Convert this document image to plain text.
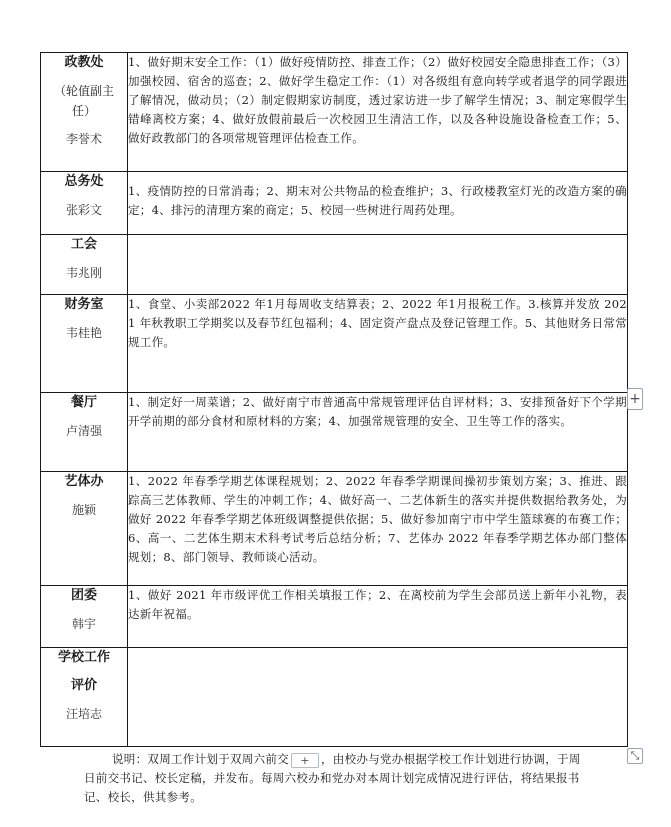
政教处
（轮值副主任）
李誉术	1、做好期末安全工作：（1）做好疫情防控、排查工作；（2）做好校园安全隐患排查工作；（3）加强校园、宿舍的巡查；2、做好学生稳定工作：（1）对各级组有意向转学或者退学的同学跟进了解情况，做动员；（2）制定假期家访制度，透过家访进一步了解学生情况；3、制定寒假学生错峰离校方案；4、做好放假前最后一次校园卫生清洁工作，以及各种设施设备检查工作；5、做好政教部门的各项常规管理评估检查工作。

总务处
张彩文	1、疫情防控的日常消毒；2、期末对公共物品的检查维护；3、行政楼教室灯光的改造方案的确定；4、排污的清理方案的商定；5、校园一些树进行周药处理。

工会
韦兆刚	

财务室
韦桂艳	1、食堂、小卖部2022 年1月每周收支结算表；2、2022 年1月报税工作。3.核算并发放 2021 年秋教职工学期奖以及春节红包福利；4、固定资产盘点及登记管理工作。5、其他财务日常常规工作。

餐厅
卢清强	1、制定好一周菜谱；2、做好南宁市普通高中常规管理评估自评材料；3、安排预备好下个学期开学前期的部分食材和原材料的方案；4、加强常规管理的安全、卫生等工作的落实。

艺体办
施颖	1、2022 年春季学期艺体课程规划；2、2022 年春季学期课间操初步策划方案；3、推进、跟踪高三艺体教师、学生的冲刺工作；4、做好高一、二艺体新生的落实并提供数据给教务处，为做好 2022 年春季学期艺体班级调整提供依据；5、做好参加南宁市中学生篮球赛的布赛工作；6、高一、二艺体生期末术科考试考后总结分析；7、艺体办 2022 年春季学期艺体办部门整体规划；8、部门领导、教师谈心活动。

团委
韩宇	1、做好 2021 年市级评优工作相关填报工作；2、在离校前为学生会部员送上新年小礼物，表达新年祝福。

学校工作
评价
汪培志	

+
⤡
说明：双周工作计划于双周六前交 + ，由校办与党办根据学校工作计划进行协调，于周日前交书记、校长定稿，并发布。每周六校办和党办对本周计划完成情况进行评估，将结果报书记、校长，供其参考。
